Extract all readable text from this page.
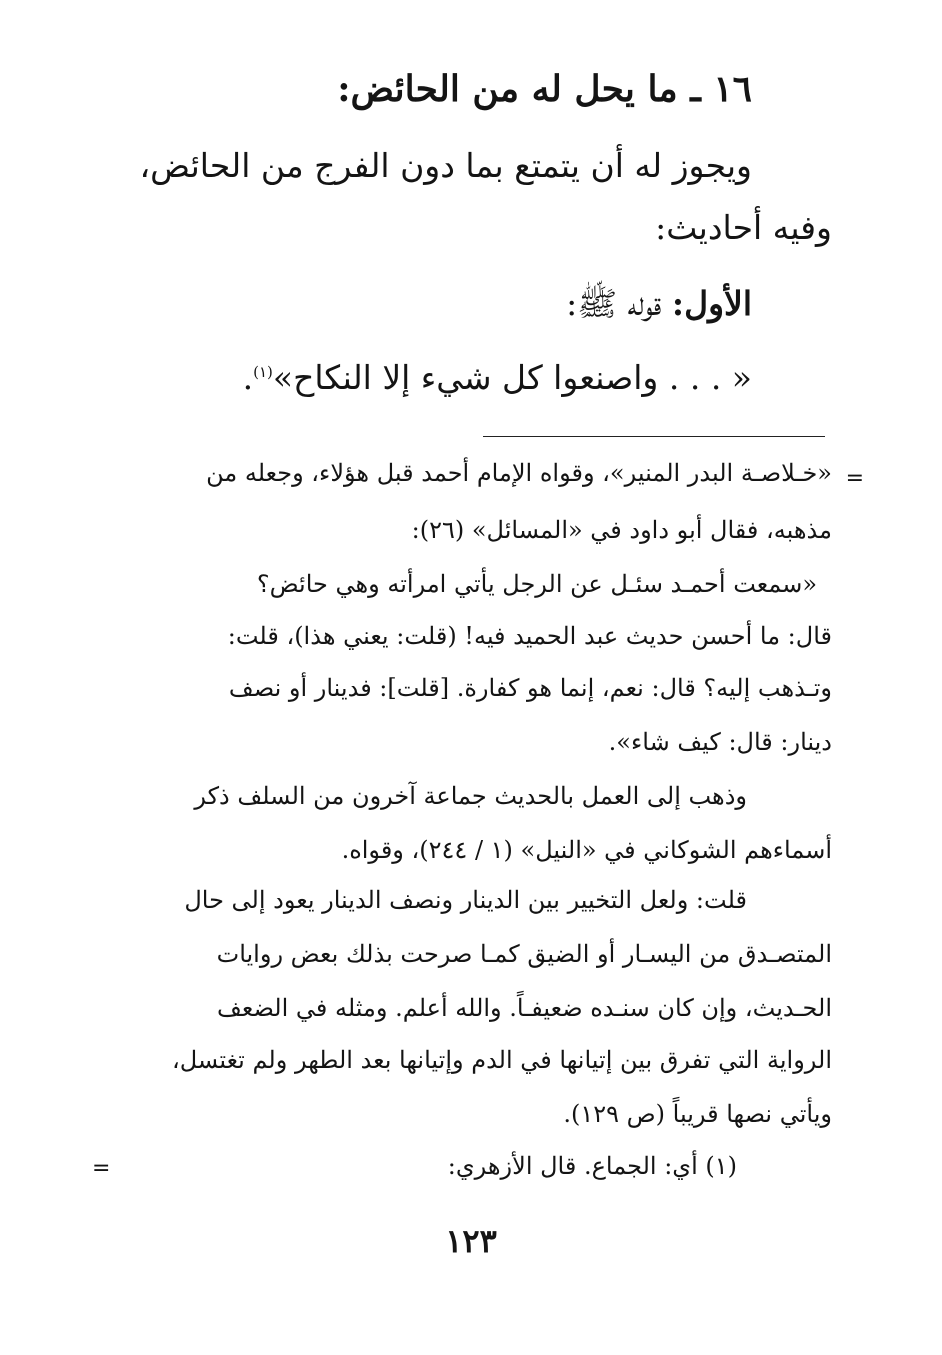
١٦ ـ ما يحل له من الحائض:
ويجوز له أن يتمتع بما دون الفرج من الحائض،
وفيه أحاديث:
الأول: قوله ﷺ:
« . . . واصنعوا كل شيء إلا النكاح»$^{(١)}$.
=
«خـلاصـة البدر المنير»، وقواه الإمام أحمد قبل هؤلاء، وجعله من
مذهبه، فقال أبو داود في «المسائل» (٢٦):
«سمعت أحمـد سئـل عن الرجل يأتي امرأته وهي حائض؟
قال: ما أحسن حديث عبد الحميد فيه! (قلت: يعني هذا)، قلت:
وتـذهب إليه؟ قال: نعم، إنما هو كفارة. [قلت]: فدينار أو نصف
دينار: قال: كيف شاء».
وذهب إلى العمل بالحديث جماعة آخرون من السلف ذكر
أسماءهم الشوكاني في «النيل» (١ / ٢٤٤)، وقواه.
قلت: ولعل التخيير بين الدينار ونصف الدينار يعود إلى حال
المتصـدق من اليسـار أو الضيق كمـا صرحت بذلك بعض روايات
الحـديث، وإن كان سنـده ضعيفـاً. والله أعلم. ومثله في الضعف
الرواية التي تفرق بين إتيانها في الدم وإتيانها بعد الطهر ولم تغتسل،
ويأتي نصها قريباً (ص ١٢٩).
(١) أي: الجماع. قال الأزهري:
=
١٢٣
